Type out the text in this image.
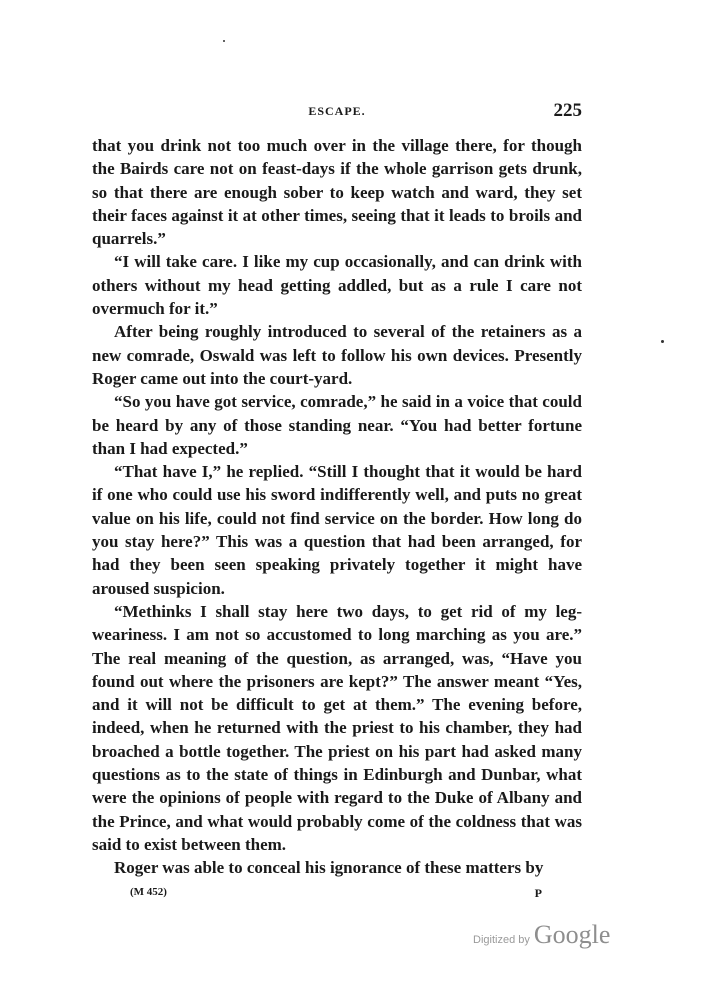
ESCAPE.	225

that you drink not too much over in the village there, for though the Bairds care not on feast-days if the whole garrison gets drunk, so that there are enough sober to keep watch and ward, they set their faces against it at other times, seeing that it leads to broils and quarrels.”

“I will take care. I like my cup occasionally, and can drink with others without my head getting addled, but as a rule I care not overmuch for it.”

After being roughly introduced to several of the retainers as a new comrade, Oswald was left to follow his own devices. Presently Roger came out into the court-yard.

“So you have got service, comrade,” he said in a voice that could be heard by any of those standing near. “You had better fortune than I had expected.”

“That have I,” he replied. “Still I thought that it would be hard if one who could use his sword indifferently well, and puts no great value on his life, could not find service on the border. How long do you stay here?” This was a question that had been arranged, for had they been seen speaking privately together it might have aroused suspicion.

“Methinks I shall stay here two days, to get rid of my leg-weariness. I am not so accustomed to long marching as you are.” The real meaning of the question, as arranged, was, “Have you found out where the prisoners are kept?” The answer meant “Yes, and it will not be difficult to get at them.” The evening before, indeed, when he returned with the priest to his chamber, they had broached a bottle together. The priest on his part had asked many questions as to the state of things in Edinburgh and Dunbar, what were the opinions of people with regard to the Duke of Albany and the Prince, and what would probably come of the coldness that was said to exist between them.

Roger was able to conceal his ignorance of these matters by

(M 452)	P
Digitized by Google
